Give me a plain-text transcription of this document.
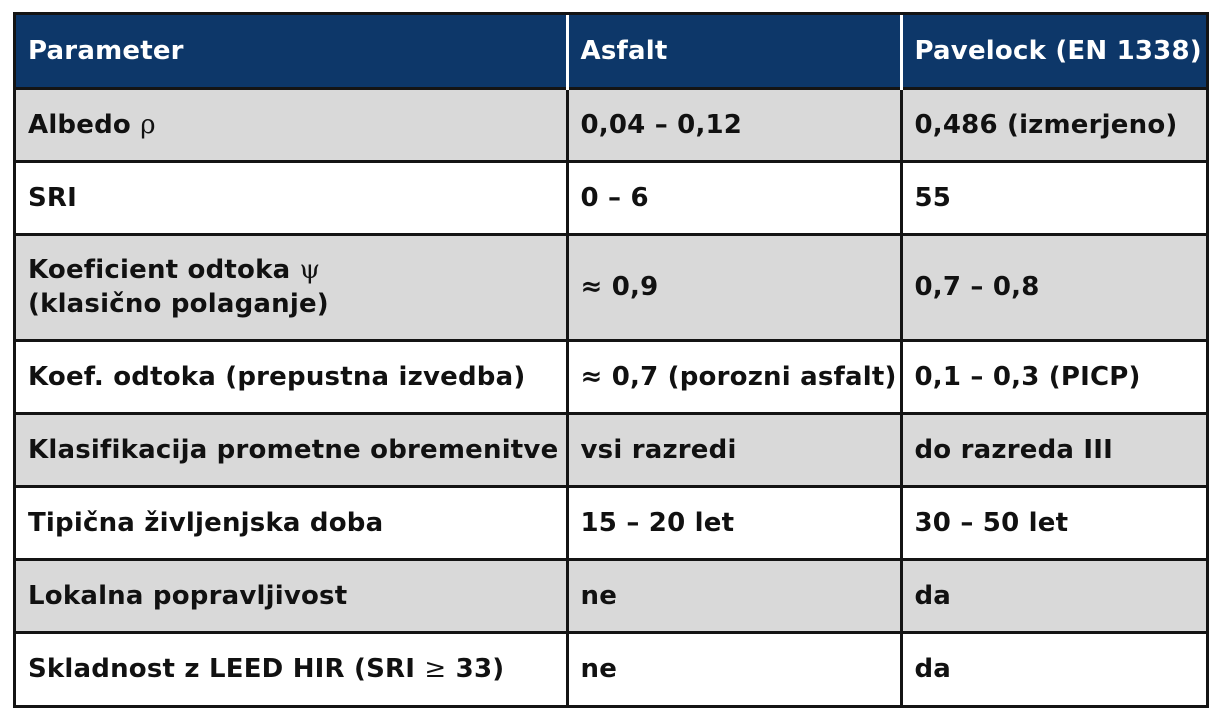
Parameter	Asfalt	Pavelock (EN 1338)
Albedo ρ	0,04 – 0,12	0,486 (izmerjeno)
SRI	0 – 6	55

Koeficient odtoka ψ
(klasično polaganje)	≈ 0,9	0,7 – 0,8
Koef. odtoka (prepustna izvedba)	≈ 0,7 (porozni asfalt)	0,1 – 0,3 (PICP)
Klasifikacija prometne obremenitve	vsi razredi	do razreda III
Tipična življenjska doba	15 – 20 let	30 – 50 let
Lokalna popravljivost	ne	da
Skladnost z LEED HIR (SRI ≥ 33)	ne	da
